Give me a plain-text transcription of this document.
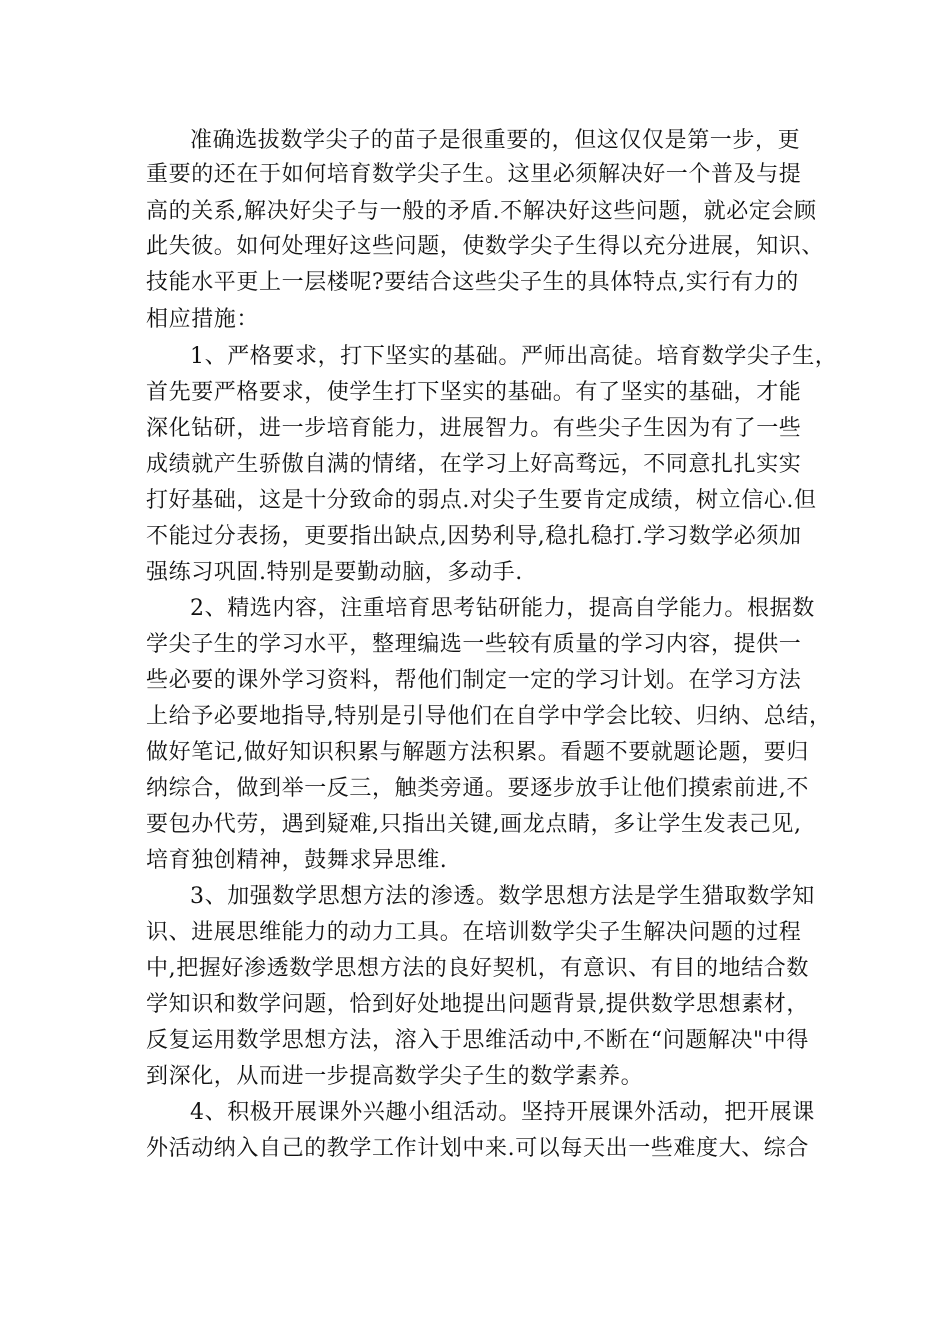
准确选拔数学尖子的苗子是很重要的，但这仅仅是第一步，更
重要的还在于如何培育数学尖子生。这里必须解决好一个普及与提
高的关系,解决好尖子与一般的矛盾.不解决好这些问题，就必定会顾
此失彼。如何处理好这些问题，使数学尖子生得以充分进展，知识、
技能水平更上一层楼呢?要结合这些尖子生的具体特点,实行有力的
相应措施：
1、严格要求，打下坚实的基础。严师出高徒。培育数学尖子生，
首先要严格要求，使学生打下坚实的基础。有了坚实的基础，才能
深化钻研，进一步培育能力，进展智力。有些尖子生因为有了一些
成绩就产生骄傲自满的情绪，在学习上好高骛远，不同意扎扎实实
打好基础，这是十分致命的弱点.对尖子生要肯定成绩，树立信心.但
不能过分表扬，更要指出缺点,因势利导,稳扎稳打.学习数学必须加
强练习巩固.特别是要勤动脑，多动手.
2、精选内容，注重培育思考钻研能力，提高自学能力。根据数
学尖子生的学习水平，整理编选一些较有质量的学习内容，提供一
些必要的课外学习资料，帮他们制定一定的学习计划。在学习方法
上给予必要地指导,特别是引导他们在自学中学会比较、归纳、总结，
做好笔记,做好知识积累与解题方法积累。看题不要就题论题，要归
纳综合，做到举一反三，触类旁通。要逐步放手让他们摸索前进,不
要包办代劳，遇到疑难,只指出关键,画龙点睛，多让学生发表己见,
培育独创精神，鼓舞求异思维.
3、加强数学思想方法的渗透。数学思想方法是学生猎取数学知
识、进展思维能力的动力工具。在培训数学尖子生解决问题的过程
中,把握好渗透数学思想方法的良好契机，有意识、有目的地结合数
学知识和数学问题，恰到好处地提出问题背景,提供数学思想素材，
反复运用数学思想方法，溶入于思维活动中,不断在“问题解决"中得
到深化，从而进一步提高数学尖子生的数学素养。
4、积极开展课外兴趣小组活动。坚持开展课外活动，把开展课
外活动纳入自己的教学工作计划中来.可以每天出一些难度大、综合
